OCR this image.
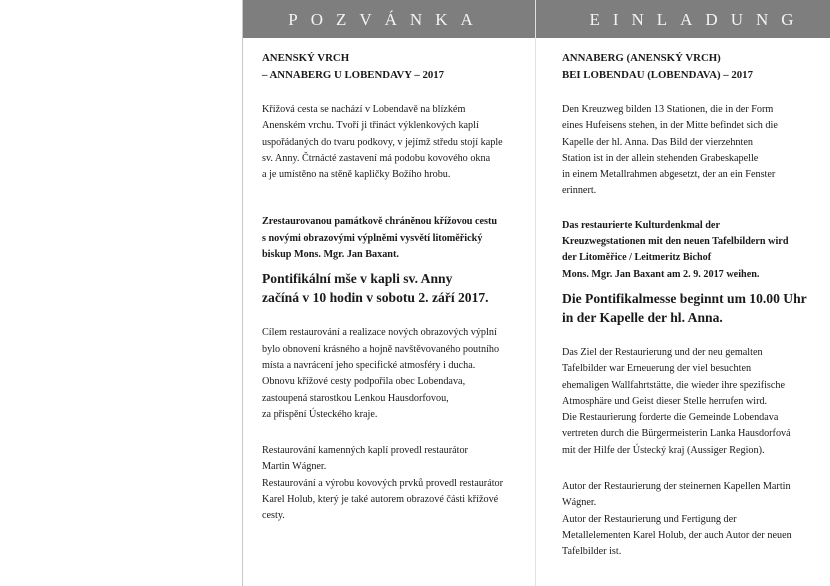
POZVÁNKA	EINLADUNG
ANENSKÝ VRCH
– ANNABERG U LOBENDAVY – 2017
Křížová cesta se nachází v Lobendavě na blízkém
Anenském vrchu. Tvoří ji třináct výklenkových kaplí
uspořádaných do tvaru podkovy, v jejímž středu stojí kaple
sv. Anny. Čtrnácté zastavení má podobu kovového okna
a je umístěno na stěně kapličky Božího hrobu.
Zrestaurovanou památkově chráněnou křížovou cestu
s novými obrazovými výplněmi vysvětí litoměřický
biskup Mons. Mgr. Jan Baxant.
Pontifikální mše v kapli sv. Anny
začíná v 10 hodin v sobotu 2. září 2017.
Cílem restaurování a realizace nových obrazových výplní
bylo obnovení krásného a hojně navštěvovaného poutního
místa a navrácení jeho specifické atmosféry i ducha.
Obnovu křížové cesty podpořila obec Lobendava,
zastoupená starostkou Lenkou Hausdorfovou,
za přispění Ústeckého kraje.
Restaurování kamenných kaplí provedl restaurátor
Martin Wágner.
Restaurování a výrobu kovových prvků provedl restaurátor
Karel Holub, který je také autorem obrazové části křížové
cesty.
ANNABERG (ANENSKÝ VRCH)
BEI LOBENDAU (LOBENDAVA) – 2017
Den Kreuzweg bilden 13 Stationen, die in der Form
eines Hufeisens stehen, in der Mitte befindet sich die
Kapelle der hl. Anna. Das Bild der vierzehnten
Station ist in der allein stehenden Grabeskapelle
in einem Metallrahmen abgesetzt, der an ein Fenster
erinnert.
Das restaurierte Kulturdenkmal der
Kreuzwegstationen mit den neuen Tafelbildern wird
der Litoměřice / Leitmeritz Bichof
Mons. Mgr. Jan Baxant am 2. 9. 2017 weihen.
Die Pontifikalmesse beginnt um 10.00 Uhr
in der Kapelle der hl. Anna.
Das Ziel der Restaurierung und der neu gemalten
Tafelbilder war Erneuerung der viel besuchten
ehemaligen Wallfahrtstätte, die wieder ihre spezifische
Atmosphäre und Geist dieser Stelle herrufen wird.
Die Restaurierung forderte die Gemeinde Lobendava
vertreten durch die Bürgermeisterin Lanka Hausdorfová
mit der Hilfe der Ústecký kraj (Aussiger Region).
Autor der Restaurierung der steinernen Kapellen Martin
Wágner.
Autor der Restaurierung und Fertigung der
Metallelementen Karel Holub, der auch Autor der neuen
Tafelbilder ist.
